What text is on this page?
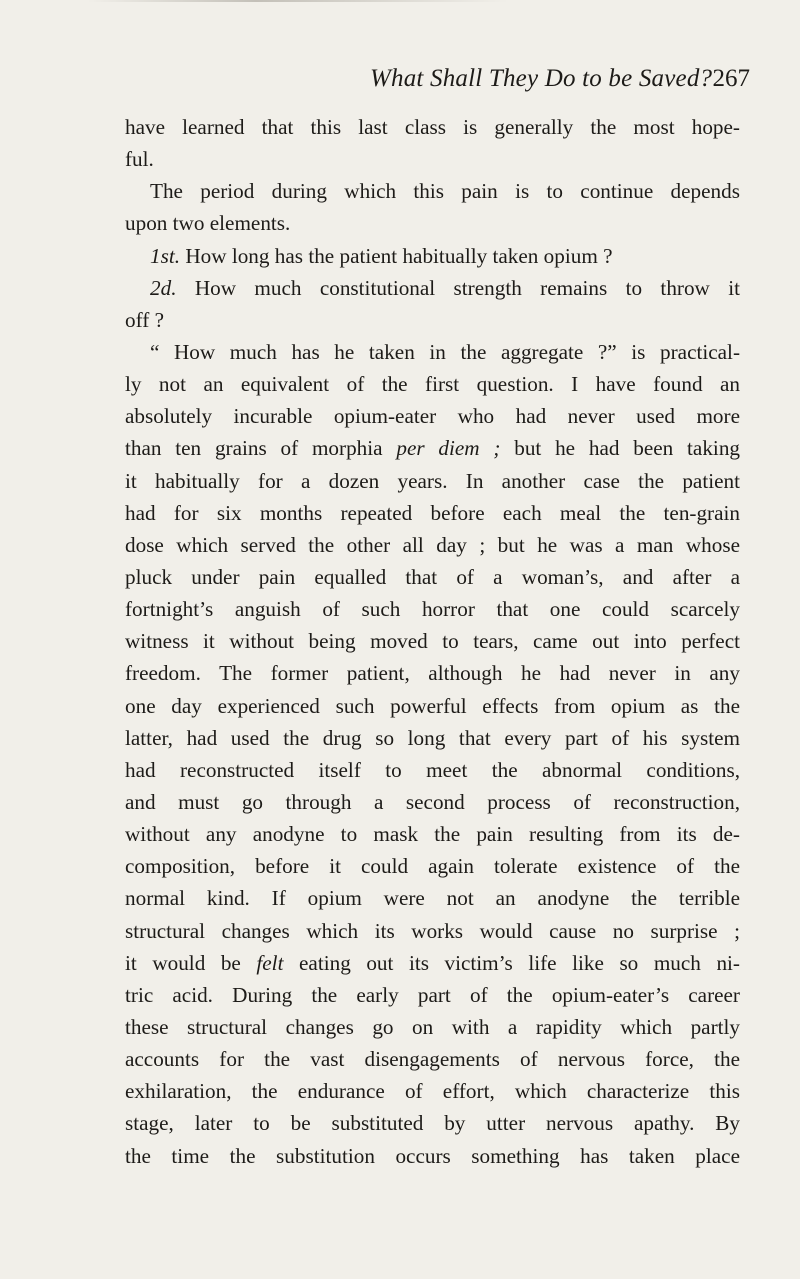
What Shall They Do to be Saved? 267
have learned that this last class is generally the most hope-
ful.
The period during which this pain is to continue depends
upon two elements.
1st. How long has the patient habitually taken opium ?
2d. How much constitutional strength remains to throw it
off ?
“ How much has he taken in the aggregate ?” is practical-
ly not an equivalent of the first question. I have found an
absolutely incurable opium-eater who had never used more
than ten grains of morphia per diem ; but he had been taking
it habitually for a dozen years. In another case the patient
had for six months repeated before each meal the ten-grain
dose which served the other all day ; but he was a man whose
pluck under pain equalled that of a woman’s, and after a
fortnight’s anguish of such horror that one could scarcely
witness it without being moved to tears, came out into perfect
freedom. The former patient, although he had never in any
one day experienced such powerful effects from opium as the
latter, had used the drug so long that every part of his system
had reconstructed itself to meet the abnormal conditions,
and must go through a second process of reconstruction,
without any anodyne to mask the pain resulting from its de-
composition, before it could again tolerate existence of the
normal kind. If opium were not an anodyne the terrible
structural changes which its works would cause no surprise ;
it would be felt eating out its victim’s life like so much ni-
tric acid. During the early part of the opium-eater’s career
these structural changes go on with a rapidity which partly
accounts for the vast disengagements of nervous force, the
exhilaration, the endurance of effort, which characterize this
stage, later to be substituted by utter nervous apathy. By
the time the substitution occurs something has taken place
